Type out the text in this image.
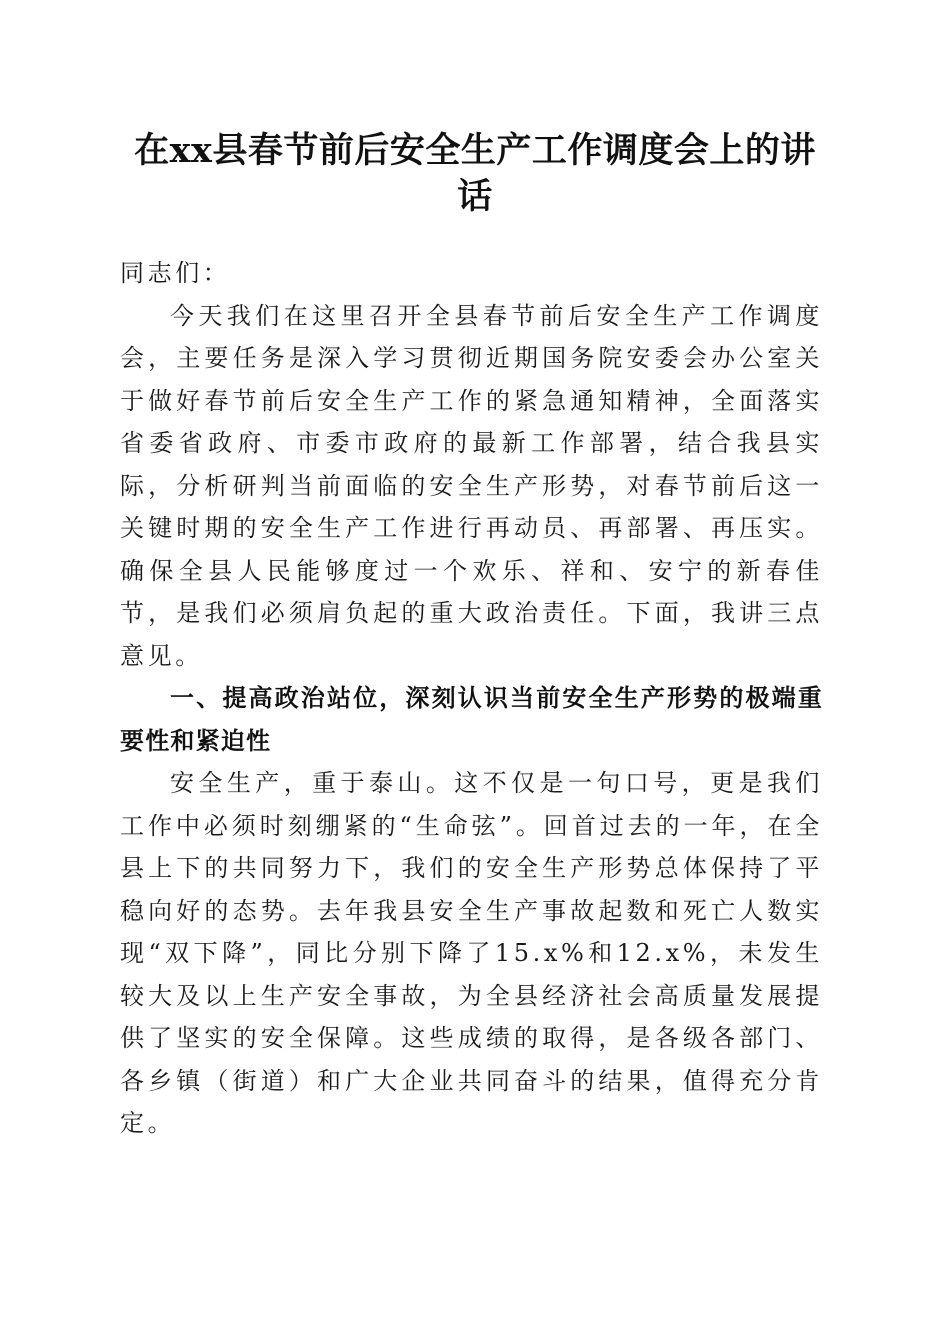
在xx县春节前后安全生产工作调度会上的讲话

同志们：

今天我们在这里召开全县春节前后安全生产工作调度会，主要任务是深入学习贯彻近期国务院安委会办公室关于做好春节前后安全生产工作的紧急通知精神，全面落实省委省政府、市委市政府的最新工作部署，结合我县实际，分析研判当前面临的安全生产形势，对春节前后这一关键时期的安全生产工作进行再动员、再部署、再压实。确保全县人民能够度过一个欢乐、祥和、安宁的新春佳节，是我们必须肩负起的重大政治责任。下面，我讲三点意见。

一、提高政治站位，深刻认识当前安全生产形势的极端重要性和紧迫性

安全生产，重于泰山。这不仅是一句口号，更是我们工作中必须时刻绷紧的“生命弦”。回首过去的一年，在全县上下的共同努力下，我们的安全生产形势总体保持了平稳向好的态势。去年我县安全生产事故起数和死亡人数实现“双下降”，同比分别下降了15.x%和12.x%，未发生较大及以上生产安全事故，为全县经济社会高质量发展提供了坚实的安全保障。这些成绩的取得，是各级各部门、各乡镇（街道）和广大企业共同奋斗的结果，值得充分肯定。
